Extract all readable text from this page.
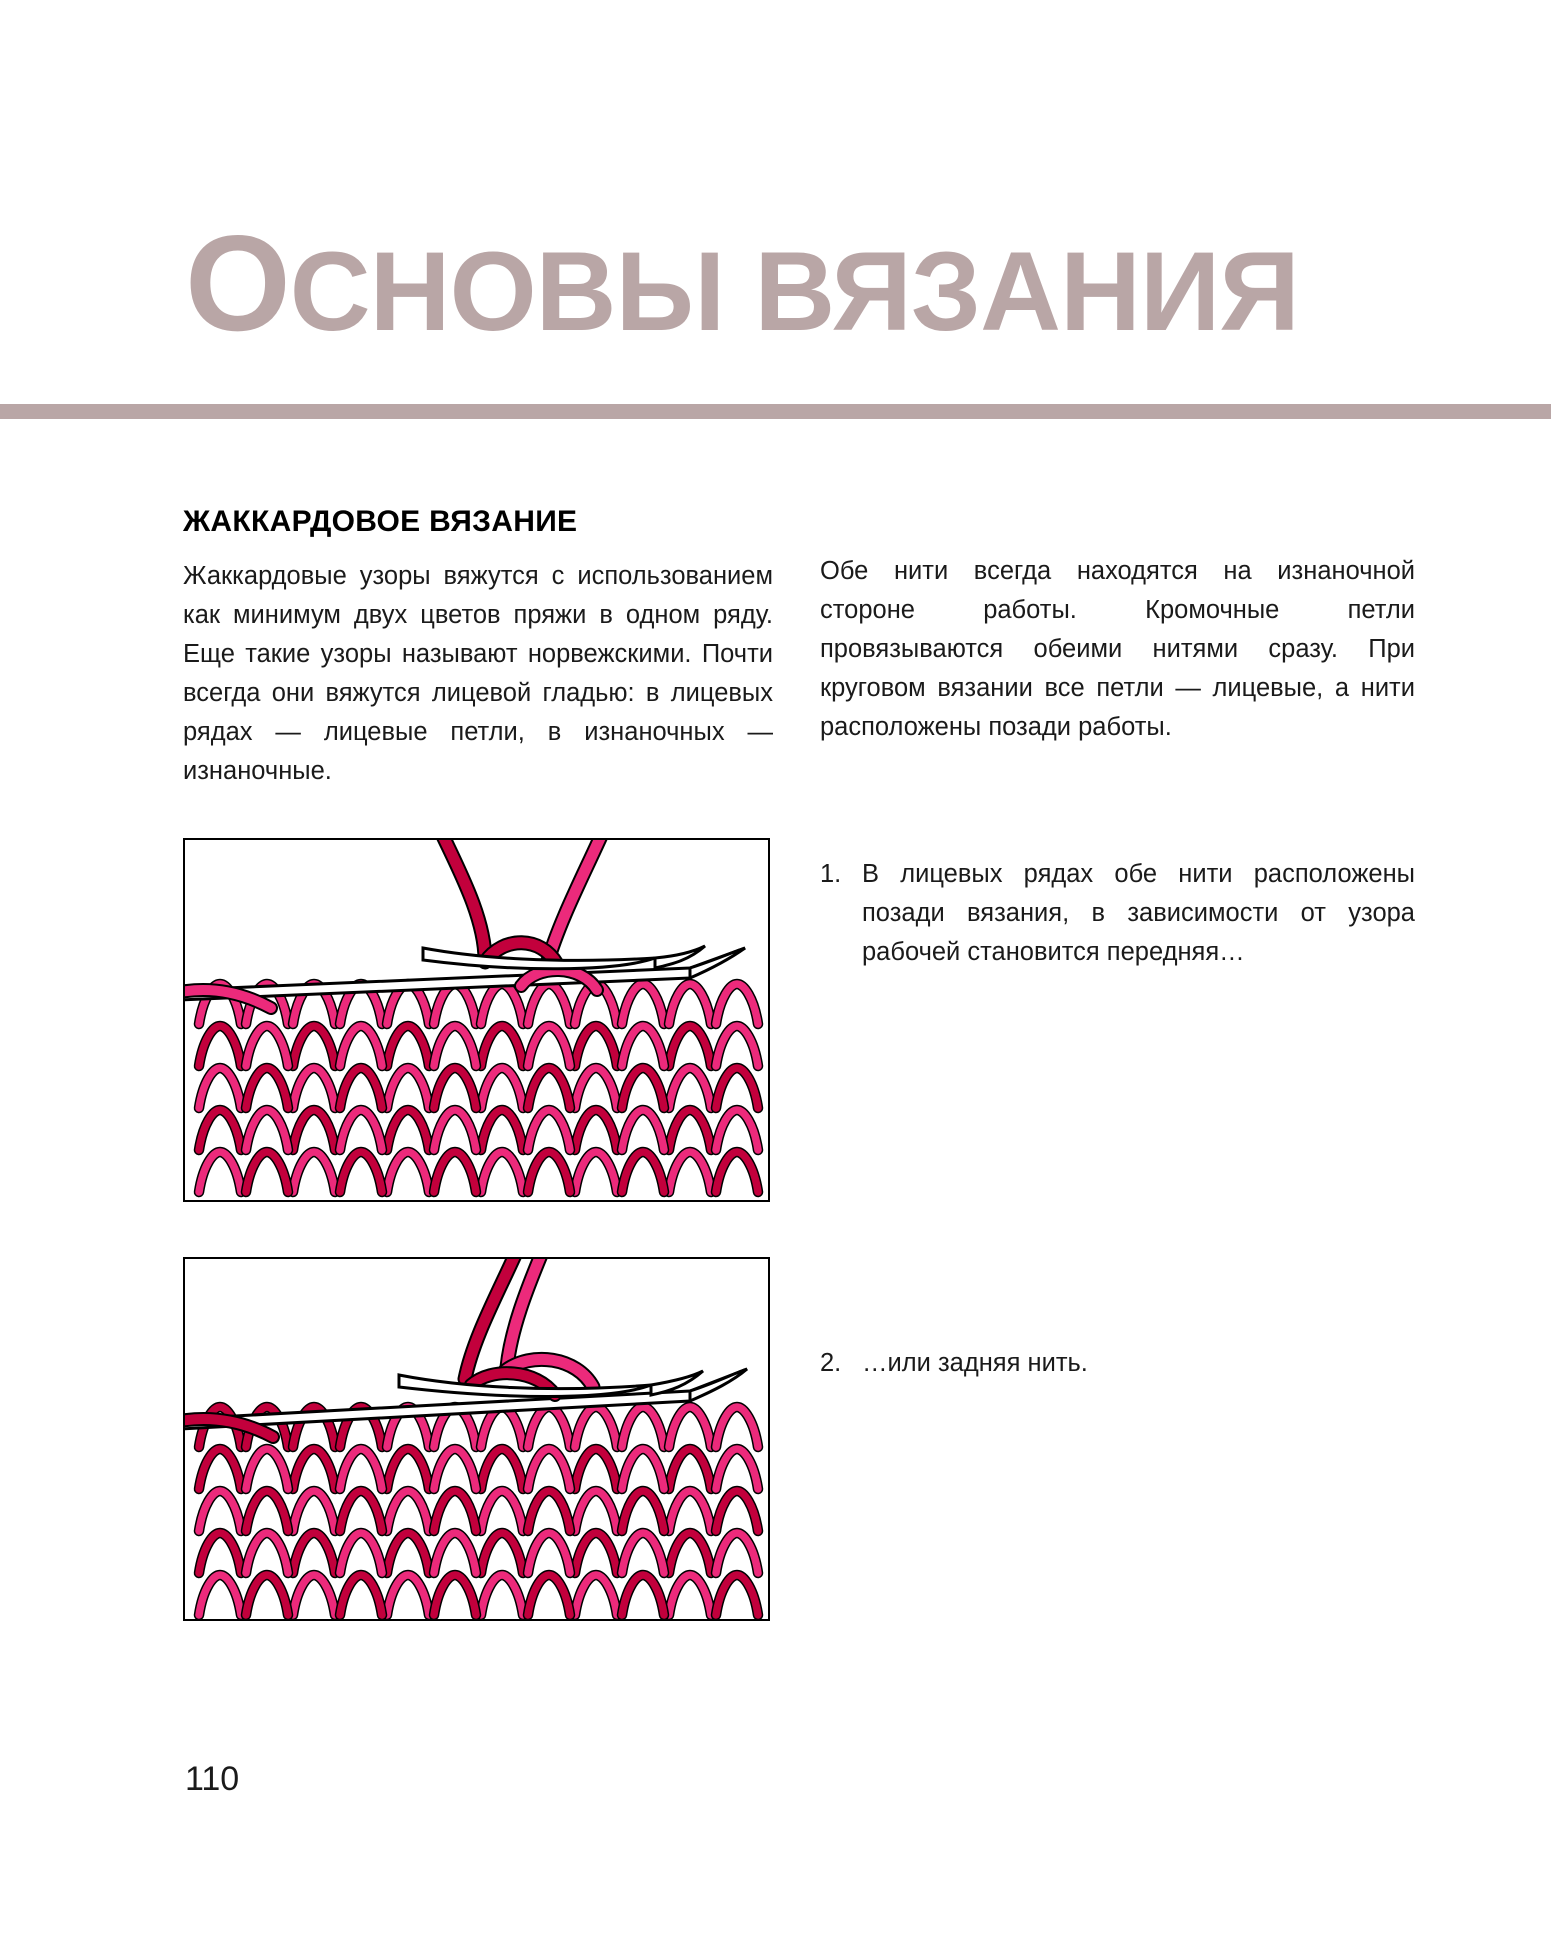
ОСНОВЫ ВЯЗАНИЯ
ЖАККАРДОВОЕ ВЯЗАНИЕ

Жаккардовые узоры вяжутся с использованием как минимум двух цветов пряжи в одном ряду. Еще такие узоры называют норвежскими. Почти всегда они вяжутся лицевой гладью: в лицевых рядах — лицевые петли, в изнаночных — изнаночные.

Обе нити всегда находятся на изнаночной стороне работы. Кромочные петли провязываются обеими нитями сразу. При круговом вязании все петли — лицевые, а нити расположены позади работы.

1. В лицевых рядах обе нити расположены позади вязания, в зависимости от узора рабочей становится передняя…
2. …или задняя нить.
110
